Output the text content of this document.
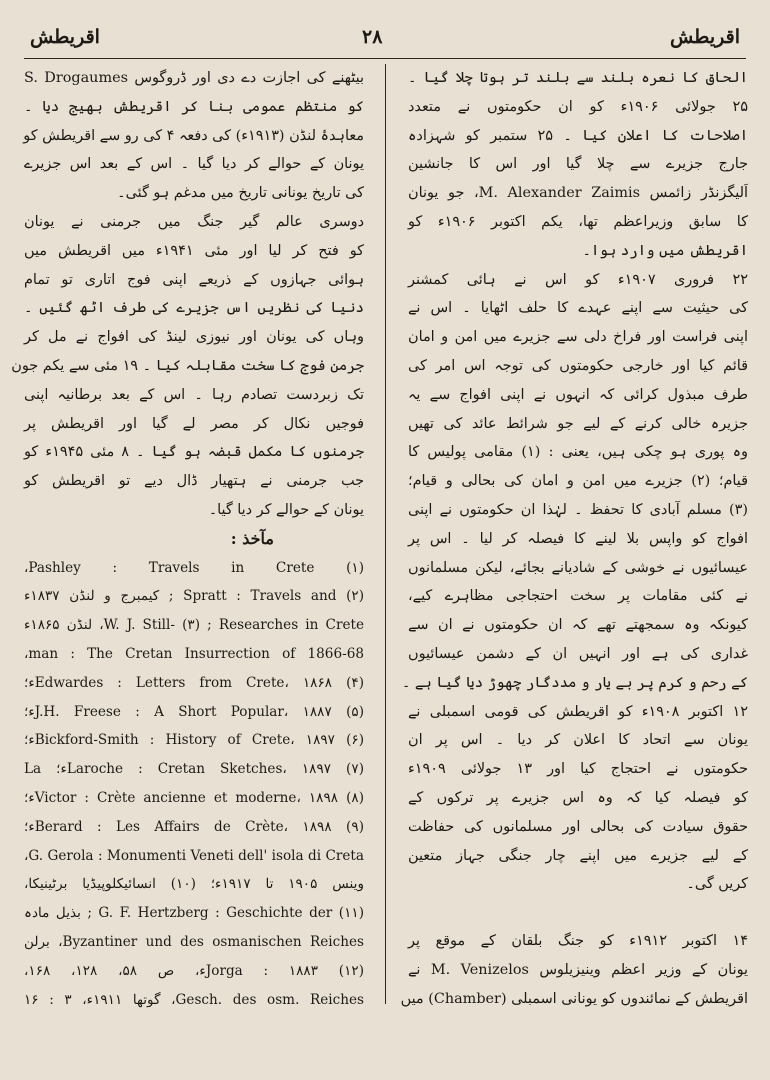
اقریطش	۲۸	اقریطش
الحاق کا نعرہ بلند سے بلند تر ہوتا چلا گیا ۔
۲۵ جولائی ۱۹۰۶ء کو ان حکومتوں نے متعدد
اصلاحات کا اعلان کیا ۔ ۲۵ ستمبر کو شہزادہ
جارج جزیرے سے چلا گیا اور اس کا جانشین
اَلیگزنڈر زائمس M. Alexander Zaimis، جو یونان
کا سابق وزیراعظم تھا، یکم اکتوبر ۱۹۰۶ء کو
اقریطش میں وارد ہوا۔
۲۲ فروری ۱۹۰۷ء کو اس نے ہائی کمشنر
کی حیثیت سے اپنے عہدے کا حلف اٹھایا ۔ اس نے
اپنی فراست اور فراخ دلی سے جزیرے میں امن و امان
قائم کیا اور خارجی حکومتوں کی توجہ اس امر کی
طرف مبذول کرائی کہ انہوں نے اپنی افواج سے یہ
جزیرہ خالی کرنے کے لیے جو شرائط عائد کی تھیں
وہ پوری ہو چکی ہیں، یعنی : (۱) مقامی پولیس کا
قیام؛ (۲) جزیرے میں امن و امان کی بحالی و قیام؛
(۳) مسلم آبادی کا تحفظ ۔ لہٰذا ان حکومتوں نے اپنی
افواج کو واپس بلا لینے کا فیصلہ کر لیا ۔ اس پر
عیسائیوں نے خوشی کے شادیانے بجائے، لیکن مسلمانوں
نے کئی مقامات پر سخت احتجاجی مظاہرے کیے،
کیونکہ وہ سمجھتے تھے کہ ان حکومتوں نے ان سے
غداری کی ہے اور انہیں ان کے دشمن عیسائیوں
کے رحم و کرم پر بے یار و مددگار چھوڑ دیا گیا ہے ۔
۱۲ اکتوبر ۱۹۰۸ء کو اقریطش کی قومی اسمبلی نے
یونان سے اتحاد کا اعلان کر دیا ۔ اس پر ان
حکومتوں نے احتجاج کیا اور ۱۳ جولائی ۱۹۰۹ء
کو فیصلہ کیا کہ وہ اس جزیرے پر ترکوں کے
حقوق سیادت کی بحالی اور مسلمانوں کی حفاظت
کے لیے جزیرے میں اپنے چار جنگی جہاز متعین
کریں گی۔
۱۴ اکتوبر ۱۹۱۲ء کو جنگ بلقان کے موقع پر
یونان کے وزیر اعظم وینیزیلوس M. Venizelos نے
اقریطش کے نمائندوں کو یونانی اسمبلی (Chamber) میں
بیٹھنے کی اجازت دے دی اور ڈروگوس S. Drogaumes
کو منتظم عمومی بنا کر اقریطش بھیج دیا ۔
معاہدۂ لنڈن (۱۹۱۳ء) کی دفعہ ۴ کی رو سے اقریطش کو
یونان کے حوالے کر دیا گیا ۔ اس کے بعد اس جزیرے
کی تاریخ یونانی تاریخ میں مدغم ہو گئی۔
دوسری عالم گیر جنگ میں جرمنی نے یونان
کو فتح کر لیا اور مئی ۱۹۴۱ء میں اقریطش میں
ہوائی جہازوں کے ذریعے اپنی فوج اتاری تو تمام
دنیا کی نظریں اس جزیرے کی طرف اٹھ گئیں ۔
وہاں کی یونان اور نیوزی لینڈ کی افواج نے مل کر
جرمن فوج کا سخت مقابلہ کیا ۔ ۱۹ مئی سے یکم جون
تک زبردست تصادم رہا ۔ اس کے بعد برطانیہ اپنی
فوجیں نکال کر مصر لے گیا اور اقریطش پر
جرمنوں کا مکمل قبضہ ہو گیا ۔ ۸ مئی ۱۹۴۵ء کو
جب جرمنی نے ہتھیار ڈال دیے تو اقریطش کو
یونان کے حوالے کر دیا گیا۔
مآخذ :
(۱) Pashley : Travels in Crete،
(۲) Spratt : Travels and ; کیمبرج و لنڈن ۱۸۳۷ء
W. J. Still- (۳) ; Researches in Crete، لنڈن ۱۸۶۵ء
man : The Cretan Insurrection of 1866-68،
(۴) Edwardes : Letters from Crete، ۱۸۶۸ء؛
(۵) J.H. Freese : A Short Popular، ۱۸۸۷ء؛
(۶) Bickford-Smith : History of Crete، ۱۸۹۷ء؛
(۷) Laroche : Cretan Sketches، ۱۸۹۷ء؛ La
(۸) Victor : Crète ancienne et moderne، ۱۸۹۸ء؛
(۹) Berard : Les Affairs de Crète، ۱۸۹۸ء؛
G. Gerola : Monumenti Veneti dell' isola di Creta،
وینس ۱۹۰۵ تا ۱۹۱۷ء؛ (۱۰) انسائیکلوپیڈیا برٹینیکا،
(۱۱) G. F. Hertzberg : Geschichte der ; بذیل مادہ
Byzantiner und des osmanischen Reiches، برلن
(۱۲) Jorga : ۱۸۸۳ء، ص ۵۸، ۱۲۸، ۱۶۸،
Gesch. des osm. Reiches، گوتھا ۱۹۱۱ء، ۳ : ۱۶
